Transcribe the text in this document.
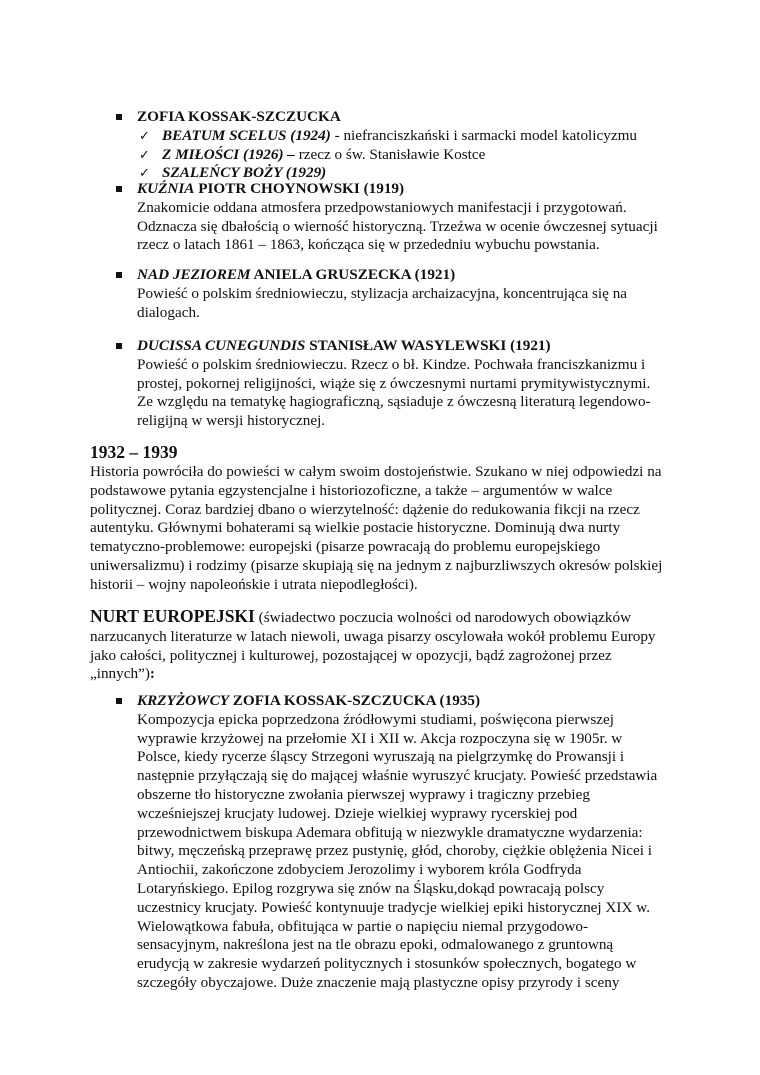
ZOFIA KOSSAK-SZCZUCKA
✓ BEATUM SCELUS (1924) - niefranciszkański i sarmacki model katolicyzmu
✓ Z MIŁOŚCI (1926) – rzecz o św. Stanisławie Kostce
✓ SZALEŃCY BOŻY (1929)
KUŹNIA PIOTR CHOYNOWSKI (1919)
Znakomicie oddana atmosfera przedpowstaniowych manifestacji i przygotowań.
Odznacza się dbałością o wierność historyczną. Trzeźwa w ocenie ówczesnej sytuacji
rzecz o latach 1861 – 1863, kończąca się w przededniu wybuchu powstania.
NAD JEZIOREM ANIELA GRUSZECKA (1921)
Powieść o polskim średniowieczu, stylizacja archaizacyjna, koncentrująca się na
dialogach.
DUCISSA CUNEGUNDIS STANISŁAW WASYLEWSKI (1921)
Powieść o polskim średniowieczu. Rzecz o bł. Kindze. Pochwała franciszkanizmu i
prostej, pokornej religijności, wiąże się z ówczesnymi nurtami prymitywistycznymi.
Ze względu na tematykę hagiograficzną, sąsiaduje z ówczesną literaturą legendowo-
religijną w wersji historycznej.
1932 – 1939
Historia powróciła do powieści w całym swoim dostojeństwie. Szukano w niej odpowiedzi na
podstawowe pytania egzystencjalne i historiozoficzne, a także – argumentów w walce
politycznej. Coraz bardziej dbano o wierzytelność: dążenie do redukowania fikcji na rzecz
autentyku. Głównymi bohaterami są wielkie postacie historyczne. Dominują dwa nurty
tematyczno-problemowe: europejski (pisarze powracają do problemu europejskiego
uniwersalizmu) i rodzimy (pisarze skupiają się na jednym z najburzliwszych okresów polskiej
historii – wojny napoleońskie i utrata niepodległości).
NURT EUROPEJSKI (świadectwo poczucia wolności od narodowych obowiązków
narzucanych literaturze w latach niewoli, uwaga pisarzy oscylowała wokół problemu Europy
jako całości, politycznej i kulturowej, pozostającej w opozycji, bądź zagrożonej przez
„innych”):
KRZYŻOWCY ZOFIA KOSSAK-SZCZUCKA (1935)
Kompozycja epicka poprzedzona źródłowymi studiami, poświęcona pierwszej
wyprawie krzyżowej na przełomie XI i XII w. Akcja rozpoczyna się w 1905r. w
Polsce, kiedy rycerze śląscy Strzegoni wyruszają na pielgrzymkę do Prowansji i
następnie przyłączają się do mającej właśnie wyruszyć krucjaty. Powieść przedstawia
obszerne tło historyczne zwołania pierwszej wyprawy i tragiczny przebieg
wcześniejszej krucjaty ludowej. Dzieje wielkiej wyprawy rycerskiej pod
przewodnictwem biskupa Ademara obfitują w niezwykle dramatyczne wydarzenia:
bitwy, męczeńską przeprawę przez pustynię, głód, choroby, ciężkie oblężenia Nicei i
Antiochii, zakończone zdobyciem Jerozolimy i wyborem króla Godfryda
Lotaryńskiego. Epilog rozgrywa się znów na Śląsku,dokąd powracają polscy
uczestnicy krucjaty. Powieść kontynuuje tradycje wielkiej epiki historycznej XIX w.
Wielowątkowa fabuła, obfitująca w partie o napięciu niemal przygodowo-
sensacyjnym, nakreślona jest na tle obrazu epoki, odmalowanego z gruntowną
erudycją w zakresie wydarzeń politycznych i stosunków społecznych, bogatego w
szczegóły obyczajowe. Duże znaczenie mają plastyczne opisy przyrody i sceny
